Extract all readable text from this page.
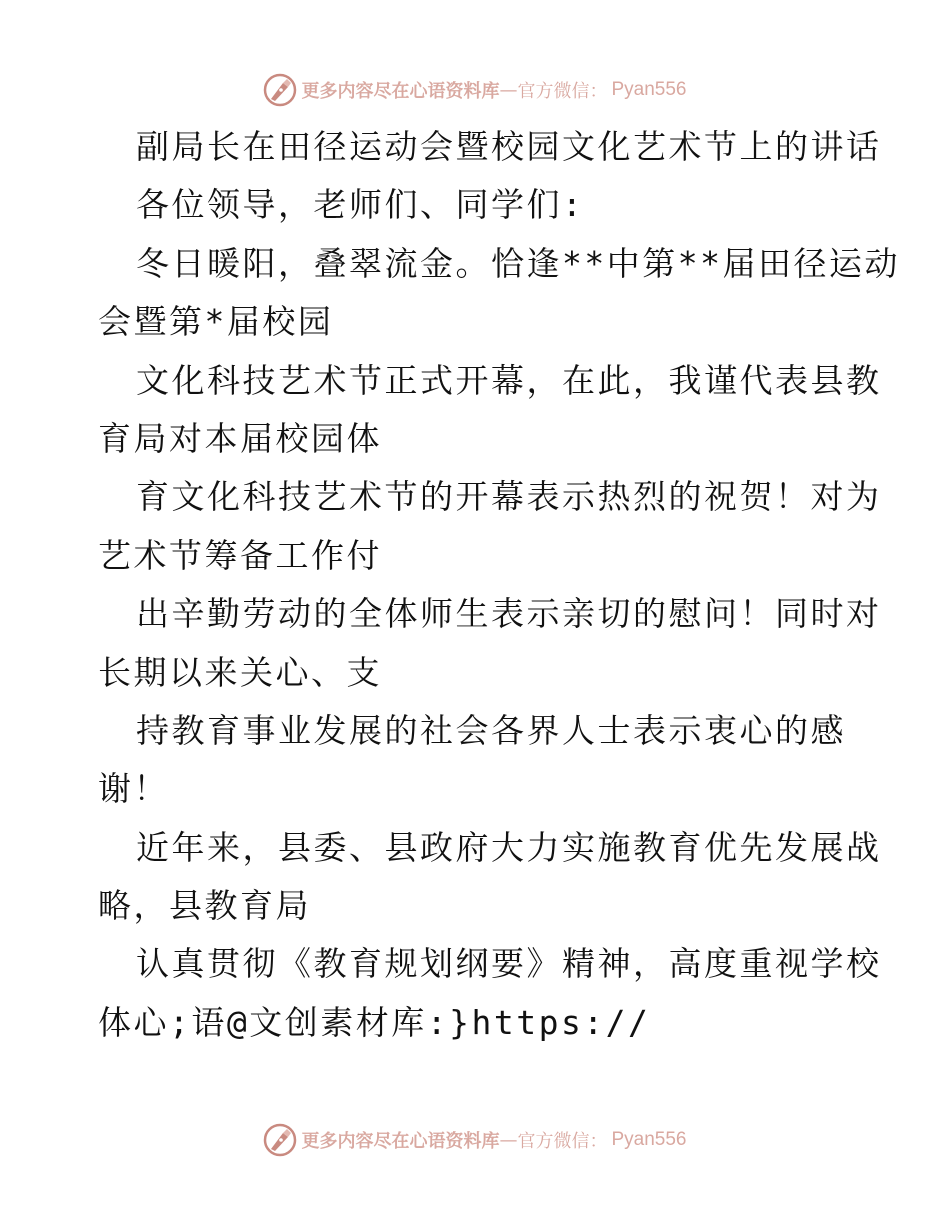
更多内容尽在心语资料库 — 官方微信： Pyan556
副局长在田径运动会暨校园文化艺术节上的讲话
各位领导，老师们、同学们:
冬日暖阳，叠翠流金。恰逢**中第**届田径运动
会暨第*届校园
文化科技艺术节正式开幕，在此，我谨代表县教
育局对本届校园体
育文化科技艺术节的开幕表示热烈的祝贺！对为
艺术节筹备工作付
出辛勤劳动的全体师生表示亲切的慰问！同时对
长期以来关心、支
持教育事业发展的社会各界人士表示衷心的感
谢！
近年来，县委、县政府大力实施教育优先发展战
略，县教育局
认真贯彻《教育规划纲要》精神，高度重视学校
体心;语@文创素材库:}https://
更多内容尽在心语资料库 — 官方微信： Pyan556
